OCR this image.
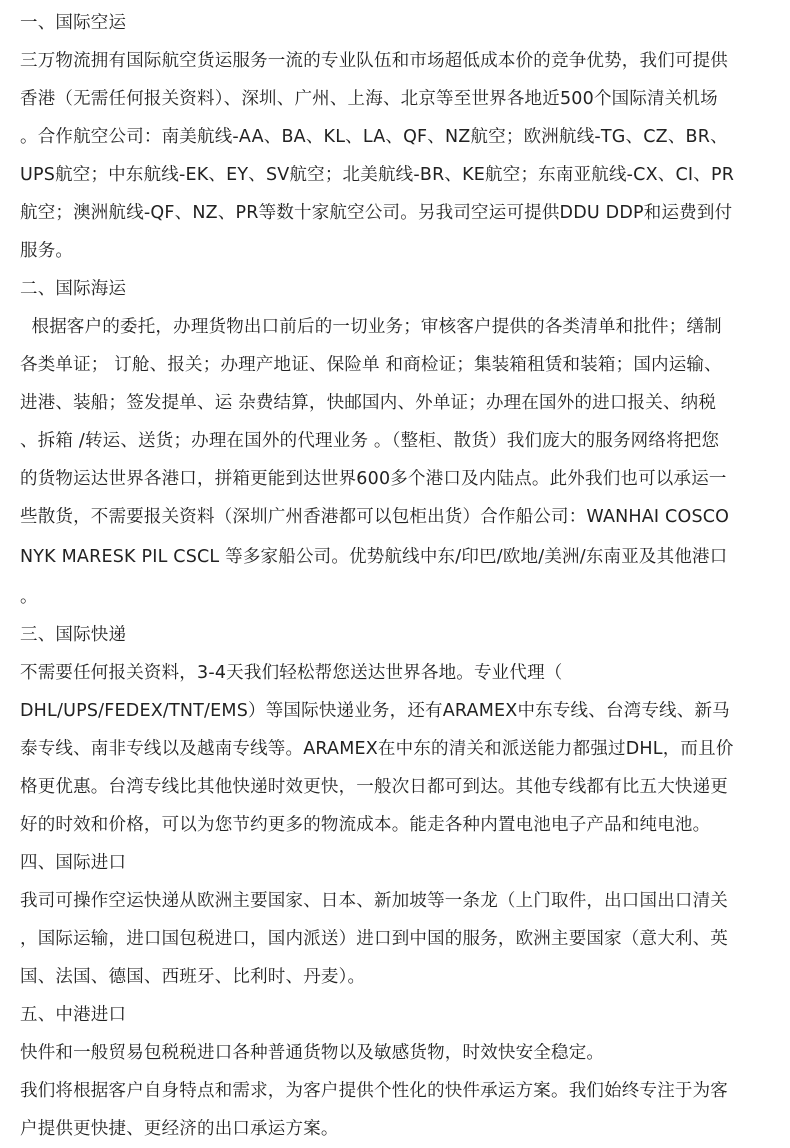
一、国际空运
三万物流拥有国际航空货运服务一流的专业队伍和市场超低成本价的竞争优势，我们可提供
香港（无需任何报关资料）、深圳、广州、上海、北京等至世界各地近500个国际清关机场
。合作航空公司：南美航线-AA、BA、KL、LA、QF、NZ航空；欧洲航线-TG、CZ、BR、
UPS航空；中东航线-EK、EY、SV航空；北美航线-BR、KE航空；东南亚航线-CX、CI、PR
航空；澳洲航线-QF、NZ、PR等数十家航空公司。另我司空运可提供DDU DDP和运费到付
服务。
二、国际海运
根据客户的委托，办理货物出口前后的一切业务；审核客户提供的各类清单和批件；缮制
各类单证； 订舱、报关；办理产地证、保险单 和商检证；集装箱租赁和装箱；国内运输、
进港、装船；签发提单、运 杂费结算，快邮国内、外单证；办理在国外的进口报关、纳税
、拆箱 /转运、送货；办理在国外的代理业务 。（整柜、散货）我们庞大的服务网络将把您
的货物运达世界各港口，拼箱更能到达世界600多个港口及内陆点。此外我们也可以承运一
些散货，不需要报关资料（深圳广州香港都可以包柜出货）合作船公司：WANHAI COSCO
NYK MARESK PIL CSCL 等多家船公司。优势航线中东/印巴/欧地/美洲/东南亚及其他港口
。
三、国际快递
不需要任何报关资料，3-4天我们轻松帮您送达世界各地。专业代理（
DHL/UPS/FEDEX/TNT/EMS）等国际快递业务，还有ARAMEX中东专线、台湾专线、新马
泰专线、南非专线以及越南专线等。ARAMEX在中东的清关和派送能力都强过DHL，而且价
格更优惠。台湾专线比其他快递时效更快，一般次日都可到达。其他专线都有比五大快递更
好的时效和价格，可以为您节约更多的物流成本。能走各种内置电池电子产品和纯电池。
四、国际进口
我司可操作空运快递从欧洲主要国家、日本、新加坡等一条龙（上门取件，出口国出口清关
，国际运输，进口国包税进口，国内派送）进口到中国的服务，欧洲主要国家（意大利、英
国、法国、德国、西班牙、比利时、丹麦）。
五、中港进口
快件和一般贸易包税税进口各种普通货物以及敏感货物，时效快安全稳定。
我们将根据客户自身特点和需求，为客户提供个性化的快件承运方案。我们始终专注于为客
户提供更快捷、更经济的出口承运方案。
